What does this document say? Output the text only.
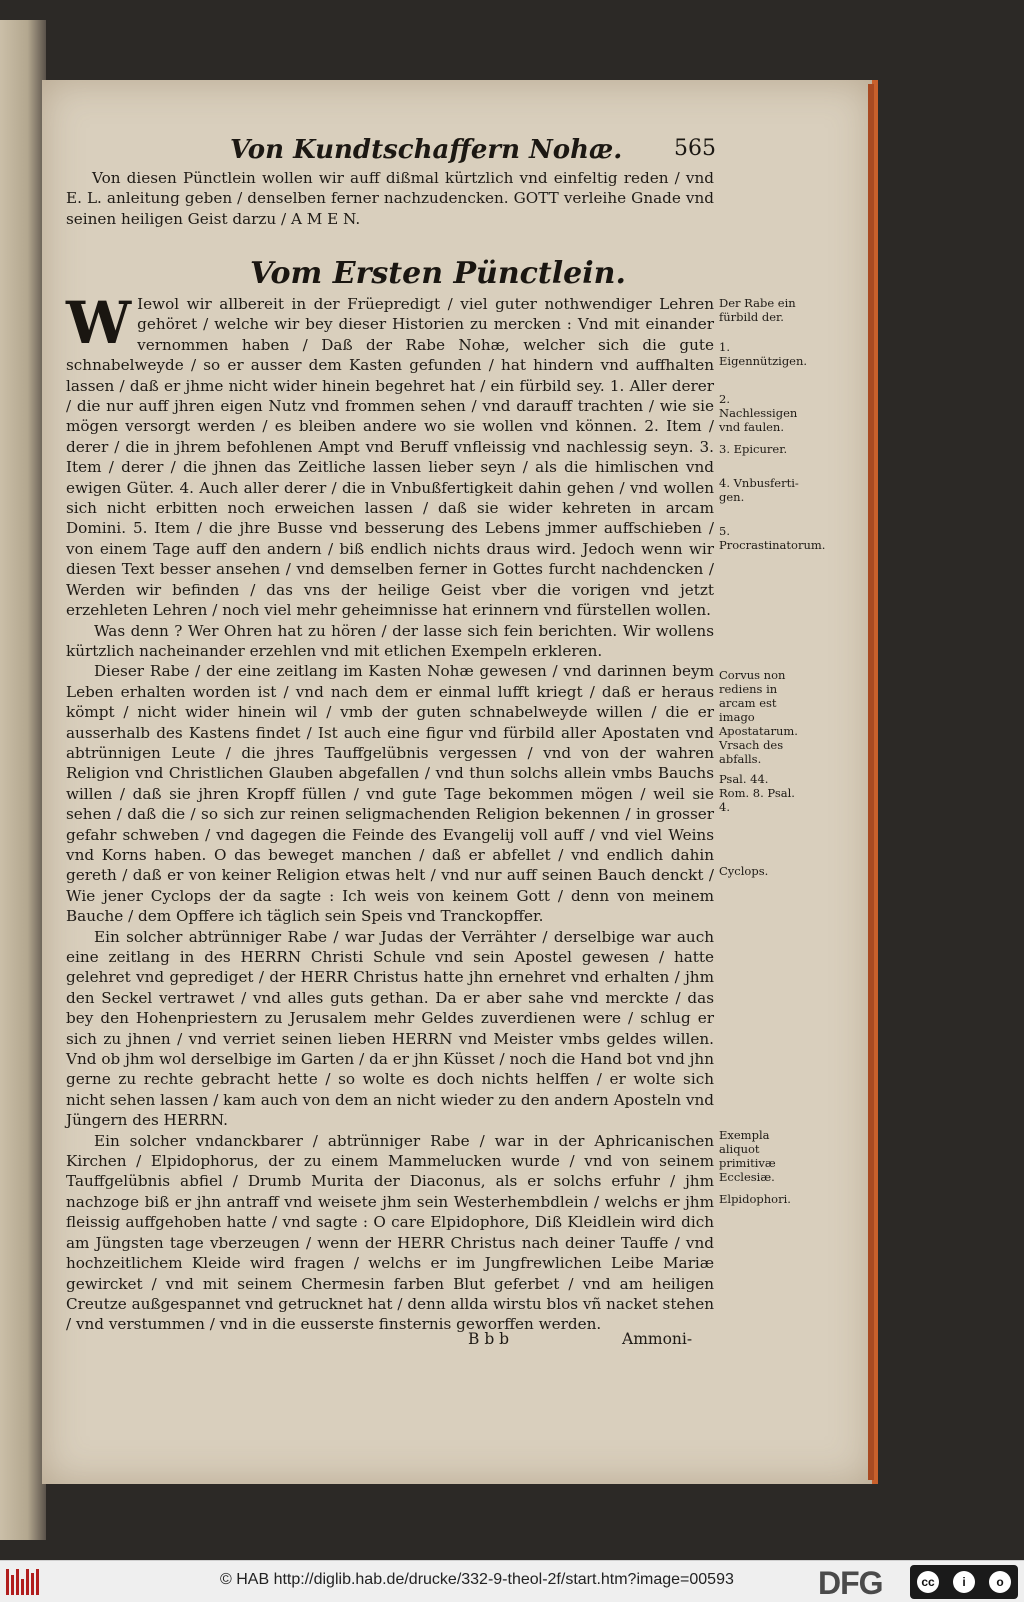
Von Kundtschaffern Nohæ. 565

Von diesen Pünctlein wollen wir auff dißmal kürtzlich vnd einfeltig reden / vnd E. L. anleitung geben / denselben ferner nachzudencken. GOTT verleihe Gnade vnd seinen heiligen Geist darzu / A M E N.

Vom Ersten Pünctlein.

W Iewol wir allbereit in der Früepredigt / viel guter nothwendiger Lehren gehöret / welche wir bey dieser Historien zu mercken : Vnd mit einander vernommen haben / Daß der Rabe Nohæ, welcher sich die gute schnabelweyde / so er ausser dem Kasten gefunden / hat hindern vnd auffhalten lassen / daß er jhme nicht wider hinein begehret hat / ein fürbild sey. 1. Aller derer / die nur auff jhren eigen Nutz vnd frommen sehen / vnd darauff trachten / wie sie mögen versorgt werden / es bleiben andere wo sie wollen vnd können. 2. Item / derer / die in jhrem befohlenen Ampt vnd Beruff vnfleissig vnd nachlessig seyn. 3. Item / derer / die jhnen das Zeitliche lassen lieber seyn / als die himlischen vnd ewigen Güter. 4. Auch aller derer / die in Vnbußfertigkeit dahin gehen / vnd wollen sich nicht erbitten noch erweichen lassen / daß sie wider kehreten in arcam Domini. 5. Item / die jhre Busse vnd besserung des Lebens jmmer auffschieben / von einem Tage auff den andern / biß endlich nichts draus wird. Jedoch wenn wir diesen Text besser ansehen / vnd demselben ferner in Gottes furcht nachdencken / Werden wir befinden / das vns der heilige Geist vber die vorigen vnd jetzt erzehleten Lehren / noch viel mehr geheimnisse hat erinnern vnd fürstellen wollen.

Was denn ? Wer Ohren hat zu hören / der lasse sich fein berichten. Wir wollens kürtzlich nacheinander erzehlen vnd mit etlichen Exempeln erkleren.

Dieser Rabe / der eine zeitlang im Kasten Nohæ gewesen / vnd darinnen beym Leben erhalten worden ist / vnd nach dem er einmal lufft kriegt / daß er heraus kömpt / nicht wider hinein wil / vmb der guten schnabelweyde willen / die er ausserhalb des Kastens findet / Ist auch eine figur vnd fürbild aller Apostaten vnd abtrünnigen Leute / die jhres Tauffgelübnis vergessen / vnd von der wahren Religion vnd Christlichen Glauben abgefallen / vnd thun solchs allein vmbs Bauchs willen / daß sie jhren Kropff füllen / vnd gute Tage bekommen mögen / weil sie sehen / daß die / so sich zur reinen seligmachenden Religion bekennen / in grosser gefahr schweben / vnd dagegen die Feinde des Evangelij voll auff / vnd viel Weins vnd Korns haben. O das beweget manchen / daß er abfellet / vnd endlich dahin gereth / daß er von keiner Religion etwas helt / vnd nur auff seinen Bauch denckt / Wie jener Cyclops der da sagte : Ich weis von keinem Gott / denn von meinem Bauche / dem Opffere ich täglich sein Speis vnd Tranckopffer.

Ein solcher abtrünniger Rabe / war Judas der Verrähter / derselbige war auch eine zeitlang in des HERRN Christi Schule vnd sein Apostel gewesen / hatte gelehret vnd geprediget / der HERR Christus hatte jhn ernehret vnd erhalten / jhm den Seckel vertrawet / vnd alles guts gethan. Da er aber sahe vnd merckte / das bey den Hohenpriestern zu Jerusalem mehr Geldes zuverdienen were / schlug er sich zu jhnen / vnd verriet seinen lieben HERRN vnd Meister vmbs geldes willen. Vnd ob jhm wol derselbige im Garten / da er jhn Küsset / noch die Hand bot vnd jhn gerne zu rechte gebracht hette / so wolte es doch nichts helffen / er wolte sich nicht sehen lassen / kam auch von dem an nicht wieder zu den andern Aposteln vnd Jüngern des HERRN.

Ein solcher vndanckbarer / abtrünniger Rabe / war in der Aphricanischen Kirchen / Elpidophorus, der zu einem Mammelucken wurde / vnd von seinem Tauffgelübnis abfiel / Drumb Murita der Diaconus, als er solchs erfuhr / jhm nachzoge biß er jhn antraff vnd weisete jhm sein Westerhembdlein / welchs er jhm fleissig auffgehoben hatte / vnd sagte : O care Elpidophore, Diß Kleidlein wird dich am Jüngsten tage vberzeugen / wenn der HERR Christus nach deiner Tauffe / vnd hochzeitlichem Kleide wird fragen / welchs er im Jungfrewlichen Leibe Mariæ gewircket / vnd mit seinem Chermesin farben Blut geferbet / vnd am heiligen Creutze außgespannet vnd getrucknet hat / denn allda wirstu blos vñ nacket stehen / vnd verstummen / vnd in die eusserste finsternis geworffen werden.

Der Rabe ein fürbild der.
1. Eigennützigen.
2. Nachlessigen vnd faulen.
3. Epicurer.
4. Vnbusferti-gen.
5. Procrastinatorum.
Corvus non rediens in arcam est imago Apostatarum.
Vrsach des abfalls.
Psal. 44. Rom. 8. Psal. 4.
Cyclops.
Exempla aliquot primitivæ Ecclesiæ.
Elpidophori.
B b b	Ammoni-
© HAB http://diglib.hab.de/drucke/332-9-theol-2f/start.htm?image=00593	DFG	cc	i	o
